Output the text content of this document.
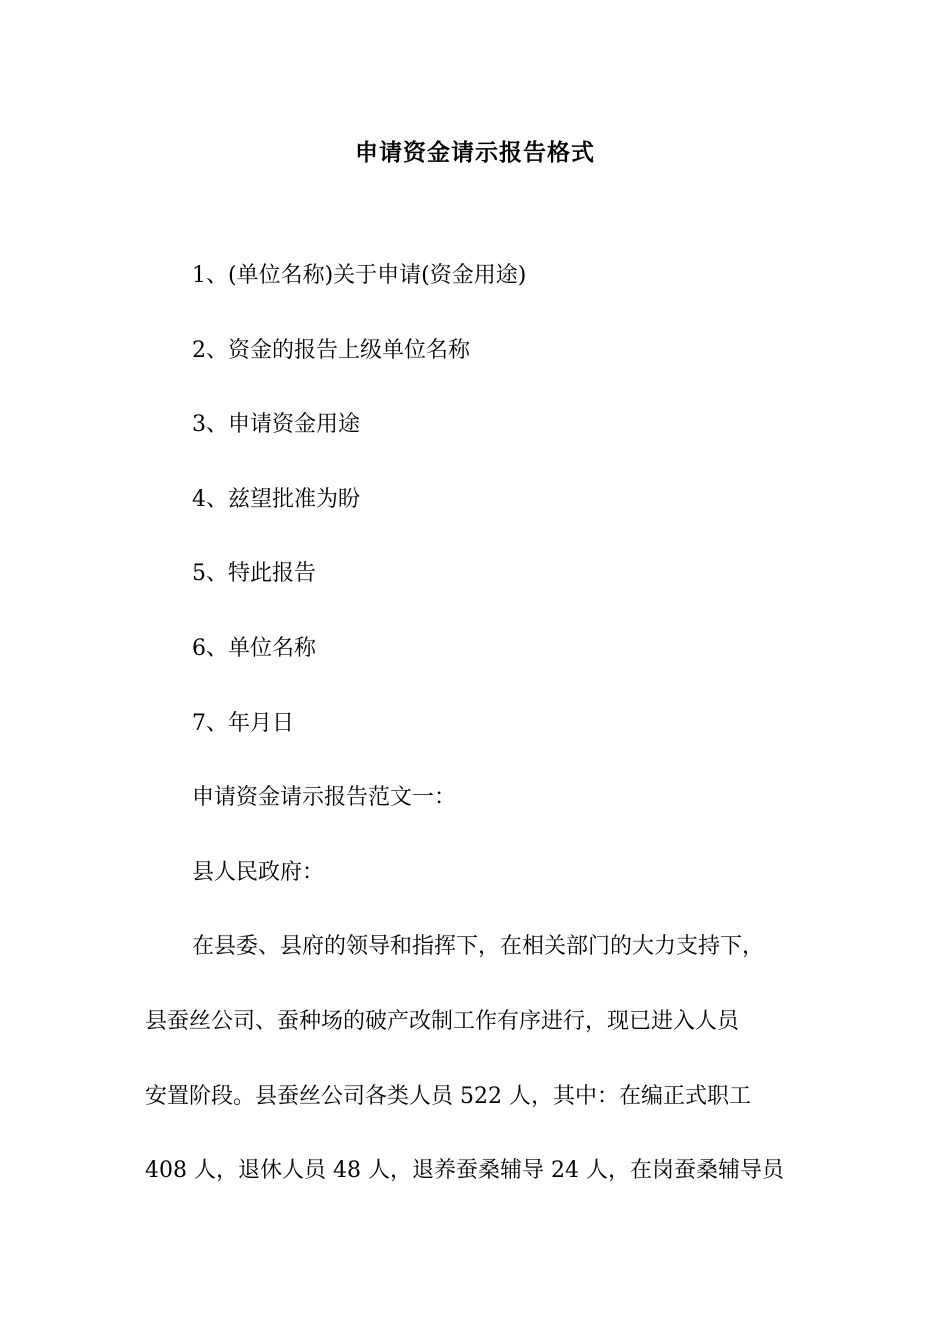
申请资金请示报告格式
1、(单位名称)关于申请(资金用途)
2、资金的报告上级单位名称
3、申请资金用途
4、兹望批准为盼
5、特此报告
6、单位名称
7、年月日
申请资金请示报告范文一：
县人民政府：
在县委、县府的领导和指挥下，在相关部门的大力支持下，
县蚕丝公司、蚕种场的破产改制工作有序进行，现已进入人员
安置阶段。县蚕丝公司各类人员 522 人，其中：在编正式职工
408 人，退休人员 48 人，退养蚕桑辅导 24 人，在岗蚕桑辅导员
